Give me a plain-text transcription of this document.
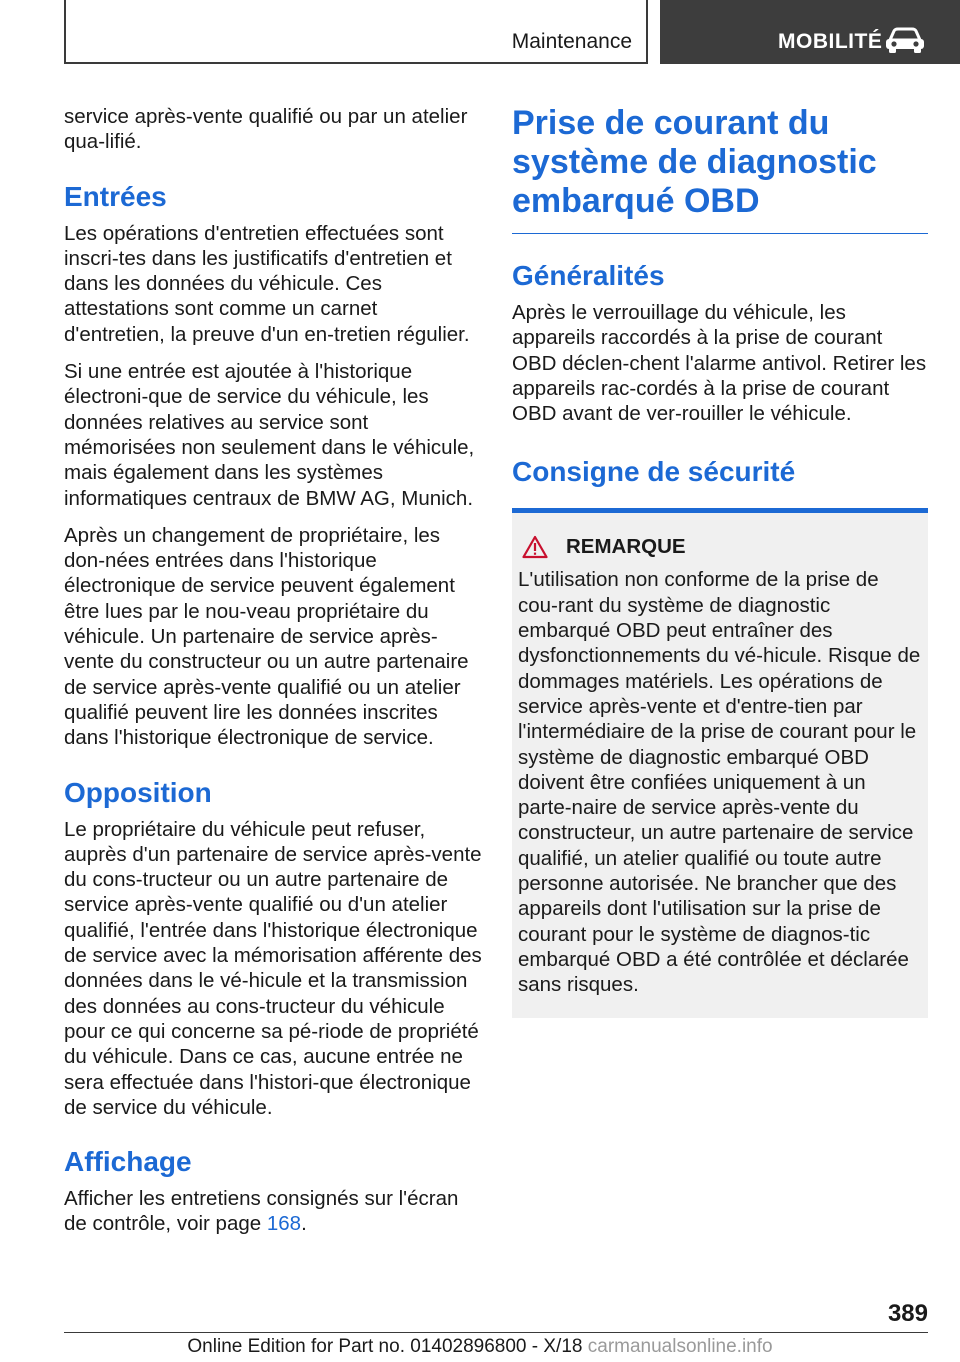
Maintenance	MOBILITÉ

service après-vente qualifié ou par un atelier qua-lifié.

Entrées

Les opérations d'entretien effectuées sont inscri-tes dans les justificatifs d'entretien et dans les données du véhicule. Ces attestations sont comme un carnet d'entretien, la preuve d'un en-tretien régulier.

Si une entrée est ajoutée à l'historique électroni-que de service du véhicule, les données relatives au service sont mémorisées non seulement dans le véhicule, mais également dans les systèmes informatiques centraux de BMW AG, Munich.

Après un changement de propriétaire, les don-nées entrées dans l'historique électronique de service peuvent également être lues par le nou-veau propriétaire du véhicule. Un partenaire de service après-vente du constructeur ou un autre partenaire de service après-vente qualifié ou un atelier qualifié peuvent lire les données inscrites dans l'historique électronique de service.

Opposition

Le propriétaire du véhicule peut refuser, auprès d'un partenaire de service après-vente du cons-tructeur ou un autre partenaire de service après-vente qualifié ou d'un atelier qualifié, l'entrée dans l'historique électronique de service avec la mémorisation afférente des données dans le vé-hicule et la transmission des données au cons-tructeur du véhicule pour ce qui concerne sa pé-riode de propriété du véhicule. Dans ce cas, aucune entrée ne sera effectuée dans l'histori-que électronique de service du véhicule.

Affichage

Afficher les entretiens consignés sur l'écran de contrôle, voir page 168.

Prise de courant du système de diagnostic embarqué OBD
Généralités

Après le verrouillage du véhicule, les appareils raccordés à la prise de courant OBD déclen-chent l'alarme antivol. Retirer les appareils rac-cordés à la prise de courant OBD avant de ver-rouiller le véhicule.

Consigne de sécurité
REMARQUE

L'utilisation non conforme de la prise de cou-rant du système de diagnostic embarqué OBD peut entraîner des dysfonctionnements du vé-hicule. Risque de dommages matériels. Les opérations de service après-vente et d'entre-tien par l'intermédiaire de la prise de courant pour le système de diagnostic embarqué OBD doivent être confiées uniquement à un parte-naire de service après-vente du constructeur, un autre partenaire de service qualifié, un atelier qualifié ou toute autre personne autorisée. Ne brancher que des appareils dont l'utilisation sur la prise de courant pour le système de diagnos-tic embarqué OBD a été contrôlée et déclarée sans risques.

389
Online Edition for Part no. 01402896800 - X/18 carmanualsonline.info
